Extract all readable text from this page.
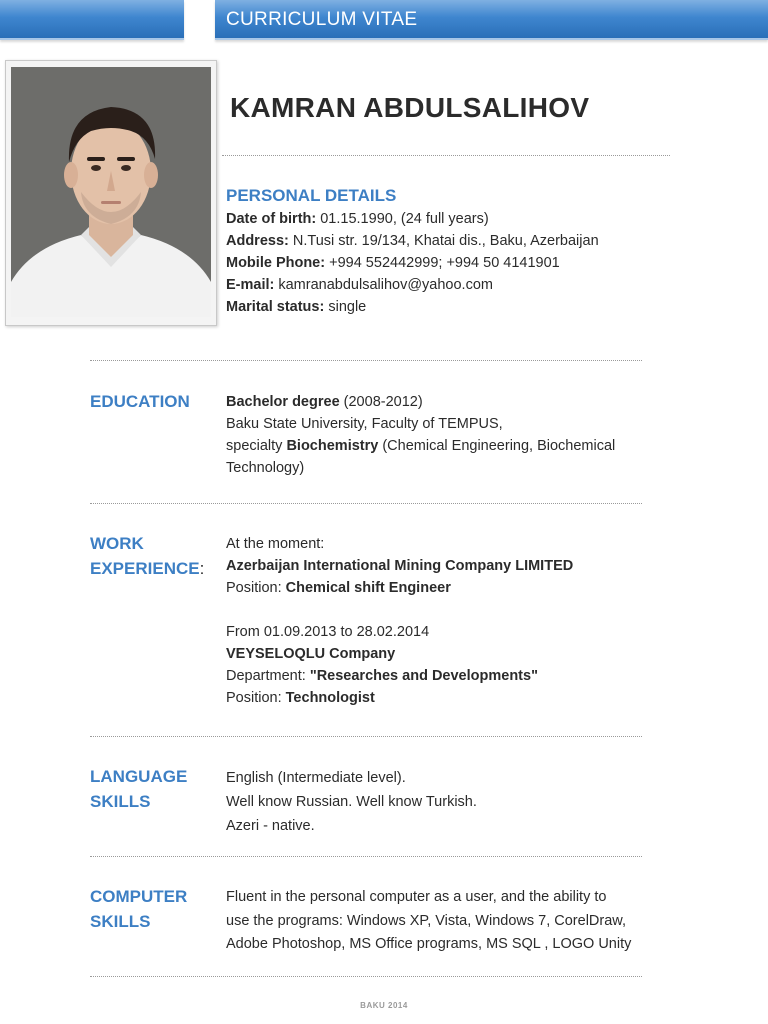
CURRICULUM VITAE
KAMRAN ABDULSALIHOV
PERSONAL DETAILS
Date of birth: 01.15.1990, (24 full years)
Address: N.Tusi str. 19/134, Khatai dis., Baku, Azerbaijan
Mobile Phone: +994 552442999; +994 50 4141901
E-mail: kamranabdulsalihov@yahoo.com
Marital status: single
EDUCATION Bachelor degree (2008-2012)
Baku State University, Faculty of TEMPUS,
specialty Biochemistry (Chemical Engineering, Biochemical
Technology)
WORK
EXPERIENCE:
At the moment:
Azerbaijan International Mining Company LIMITED
Position: Chemical shift Engineer

From 01.09.2013 to 28.02.2014
VEYSELOQLU Company
Department: "Researches and Developments"
Position: Technologist
LANGUAGE
SKILLS
English (Intermediate level).
Well know Russian. Well know Turkish.
Azeri - native.
COMPUTER
SKILLS
Fluent in the personal computer as a user, and the ability to
use the programs: Windows XP, Vista, Windows 7, CorelDraw,
Adobe Photoshop, MS Office programs, MS SQL , LOGO Unity
BAKU 2014
